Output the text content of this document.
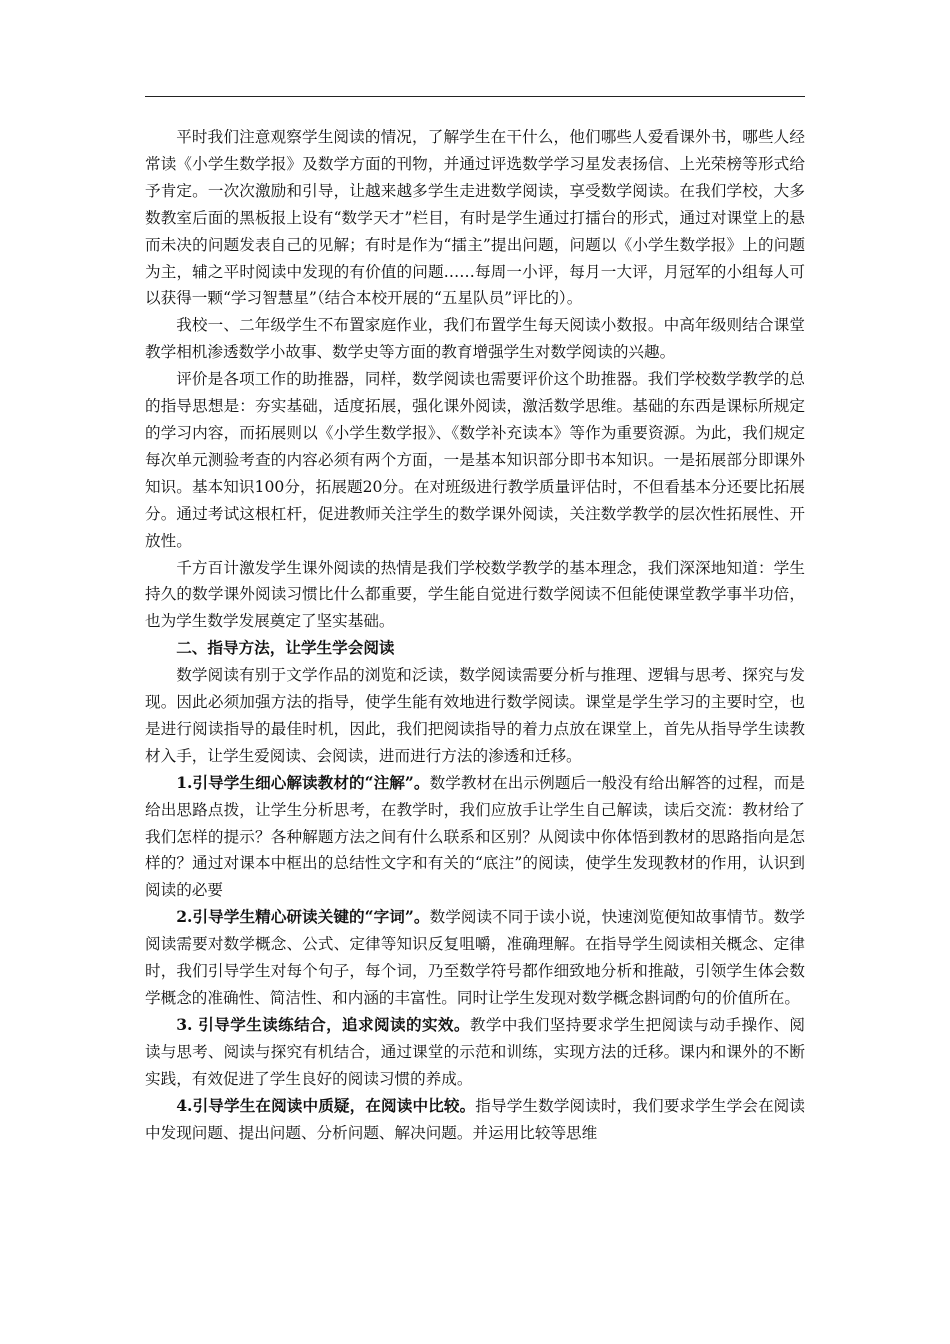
平时我们注意观察学生阅读的情况，了解学生在干什么，他们哪些人爱看课外书，哪些人经常读《小学生数学报》及数学方面的刊物，并通过评选数学学习星发表扬信、上光荣榜等形式给予肯定。一次次激励和引导，让越来越多学生走进数学阅读，享受数学阅读。在我们学校，大多数教室后面的黑板报上设有“数学天才”栏目，有时是学生通过打擂台的形式，通过对课堂上的悬而未决的问题发表自己的见解；有时是作为“擂主”提出问题，问题以《小学生数学报》上的问题为主，辅之平时阅读中发现的有价值的问题……每周一小评，每月一大评，月冠军的小组每人可以获得一颗“学习智慧星”（结合本校开展的“五星队员”评比的）。

我校一、二年级学生不布置家庭作业，我们布置学生每天阅读小数报。中高年级则结合课堂教学相机渗透数学小故事、数学史等方面的教育增强学生对数学阅读的兴趣。

评价是各项工作的助推器，同样，数学阅读也需要评价这个助推器。我们学校数学教学的总的指导思想是：夯实基础，适度拓展，强化课外阅读，激活数学思维。基础的东西是课标所规定的学习内容，而拓展则以《小学生数学报》、《数学补充读本》等作为重要资源。为此，我们规定每次单元测验考查的内容必须有两个方面，一是基本知识部分即书本知识。一是拓展部分即课外知识。基本知识100分，拓展题20分。在对班级进行教学质量评估时，不但看基本分还要比拓展分。通过考试这根杠杆，促进教师关注学生的数学课外阅读，关注数学教学的层次性拓展性、开放性。

千方百计激发学生课外阅读的热情是我们学校数学教学的基本理念，我们深深地知道：学生持久的数学课外阅读习惯比什么都重要，学生能自觉进行数学阅读不但能使课堂教学事半功倍，也为学生数学发展奠定了坚实基础。

二、指导方法，让学生学会阅读

数学阅读有别于文学作品的浏览和泛读，数学阅读需要分析与推理、逻辑与思考、探究与发现。因此必须加强方法的指导，使学生能有效地进行数学阅读。课堂是学生学习的主要时空，也是进行阅读指导的最佳时机，因此，我们把阅读指导的着力点放在课堂上，首先从指导学生读教材入手，让学生爱阅读、会阅读，进而进行方法的渗透和迁移。

1.引导学生细心解读教材的“注解”。数学教材在出示例题后一般没有给出解答的过程，而是给出思路点拨，让学生分析思考，在教学时，我们应放手让学生自己解读，读后交流：教材给了我们怎样的提示？各种解题方法之间有什么联系和区别？从阅读中你体悟到教材的思路指向是怎样的？通过对课本中框出的总结性文字和有关的“底注”的阅读，使学生发现教材的作用，认识到阅读的必要

2.引导学生精心研读关键的“字词”。数学阅读不同于读小说，快速浏览便知故事情节。数学阅读需要对数学概念、公式、定律等知识反复咀嚼，准确理解。在指导学生阅读相关概念、定律时，我们引导学生对每个句子，每个词，乃至数学符号都作细致地分析和推敲，引领学生体会数学概念的准确性、简洁性、和内涵的丰富性。同时让学生发现对数学概念斟词酌句的价值所在。

3. 引导学生读练结合，追求阅读的实效。教学中我们坚持要求学生把阅读与动手操作、阅读与思考、阅读与探究有机结合，通过课堂的示范和训练，实现方法的迁移。课内和课外的不断实践，有效促进了学生良好的阅读习惯的养成。

4.引导学生在阅读中质疑，在阅读中比较。指导学生数学阅读时，我们要求学生学会在阅读中发现问题、提出问题、分析问题、解决问题。并运用比较等思维
